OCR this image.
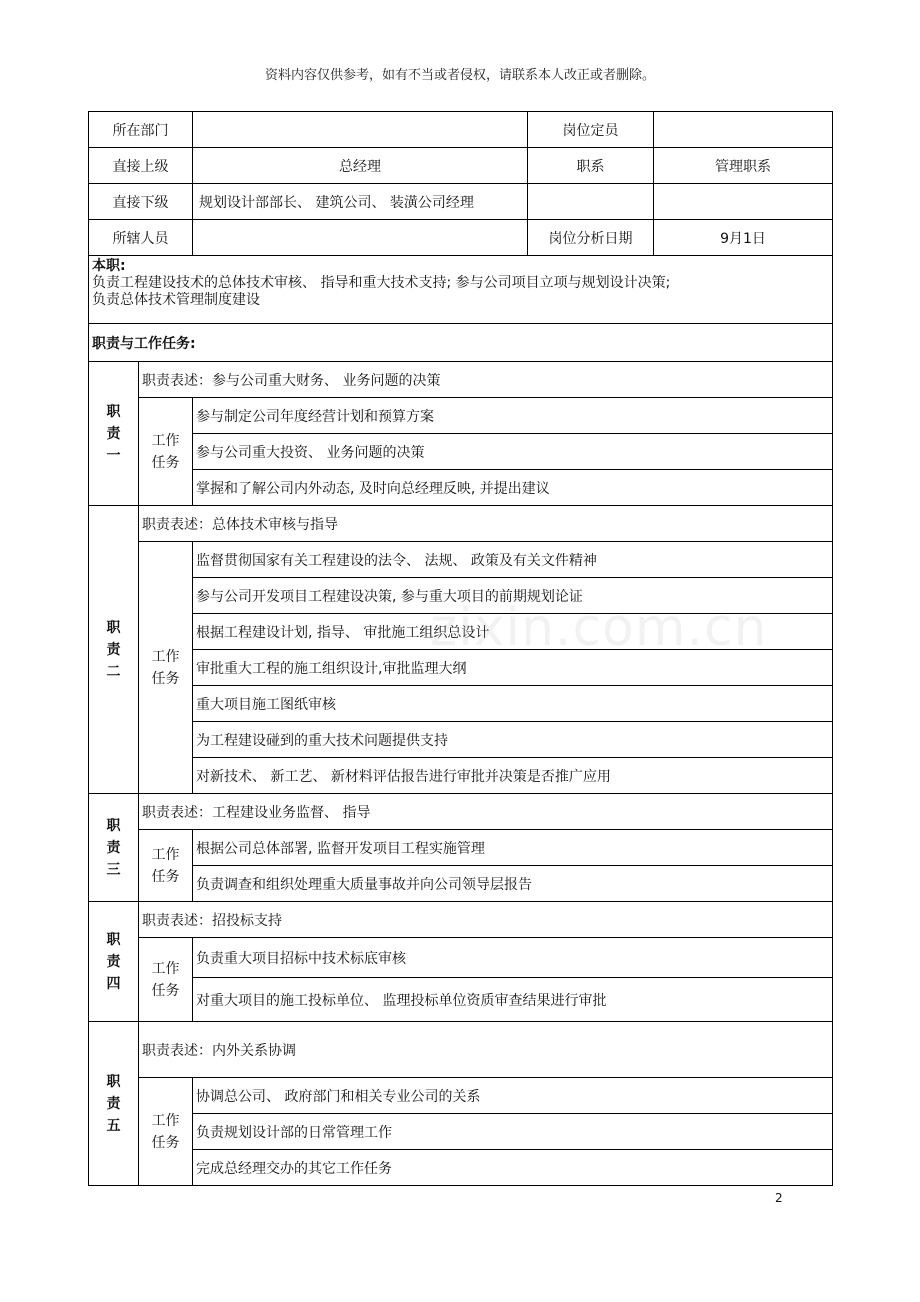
资料内容仅供参考，如有不当或者侵权，请联系本人改正或者删除。
所在部门			岗位定员	
直接上级		总经理	职系	管理职系
直接下级		规划设计部部长、 建筑公司、 装潢公司经理		
所辖人员			岗位分析日期	9月1日

本职:
负责工程建设技术的总体技术审核、 指导和重大技术支持; 参与公司项目立项与规划设计决策;
负责总体技术管理制度建设				

职责与工作任务:				

职责一	职责表述：参与公司重大财务、 业务问题的决策			

	工作任务	参与制定公司年度经营计划和预算方案		
		参与公司重大投资、 业务问题的决策		
		掌握和了解公司内外动态, 及时向总经理反映, 并提出建议		

职责二	职责表述：总体技术审核与指导			

	工作任务	监督贯彻国家有关工程建设的法令、 法规、 政策及有关文件精神		
		参与公司开发项目工程建设决策, 参与重大项目的前期规划论证		
		根据工程建设计划, 指导、 审批施工组织总设计		
		审批重大工程的施工组织设计,审批监理大纲		
		重大项目施工图纸审核		
		为工程建设碰到的重大技术问题提供支持		
		对新技术、 新工艺、 新材料评估报告进行审批并决策是否推广应用		

职责三	职责表述：工程建设业务监督、 指导			

	工作任务	根据公司总体部署, 监督开发项目工程实施管理		
		负责调查和组织处理重大质量事故并向公司领导层报告		

职责四	职责表述：招投标支持			

	工作任务	负责重大项目招标中技术标底审核		
		对重大项目的施工投标单位、 监理投标单位资质审查结果进行审批		

职责五	职责表述：内外关系协调			

	工作任务	协调总公司、 政府部门和相关专业公司的关系		
		负责规划设计部的日常管理工作		
		完成总经理交办的其它工作任务		
zixin.com.cn
2
